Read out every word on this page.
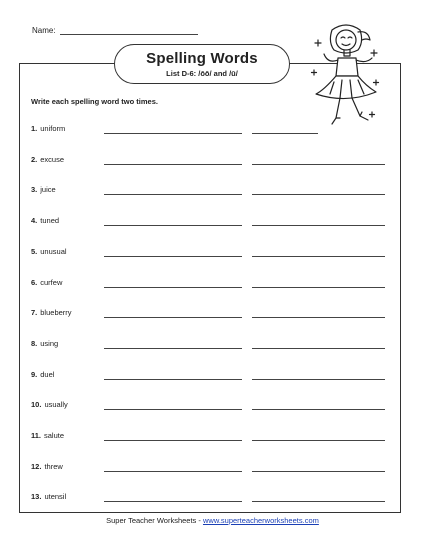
Name:
Spelling Words
List D-6: /ōō/ and /ū/
Write each spelling word two times.
1. uniform
2. excuse
3. juice
4. tuned
5. unusual
6. curfew
7. blueberry
8. using
9. duel
10. usually
11. salute
12. threw
13. utensil
Super Teacher Worksheets - www.superteacherworksheets.com
